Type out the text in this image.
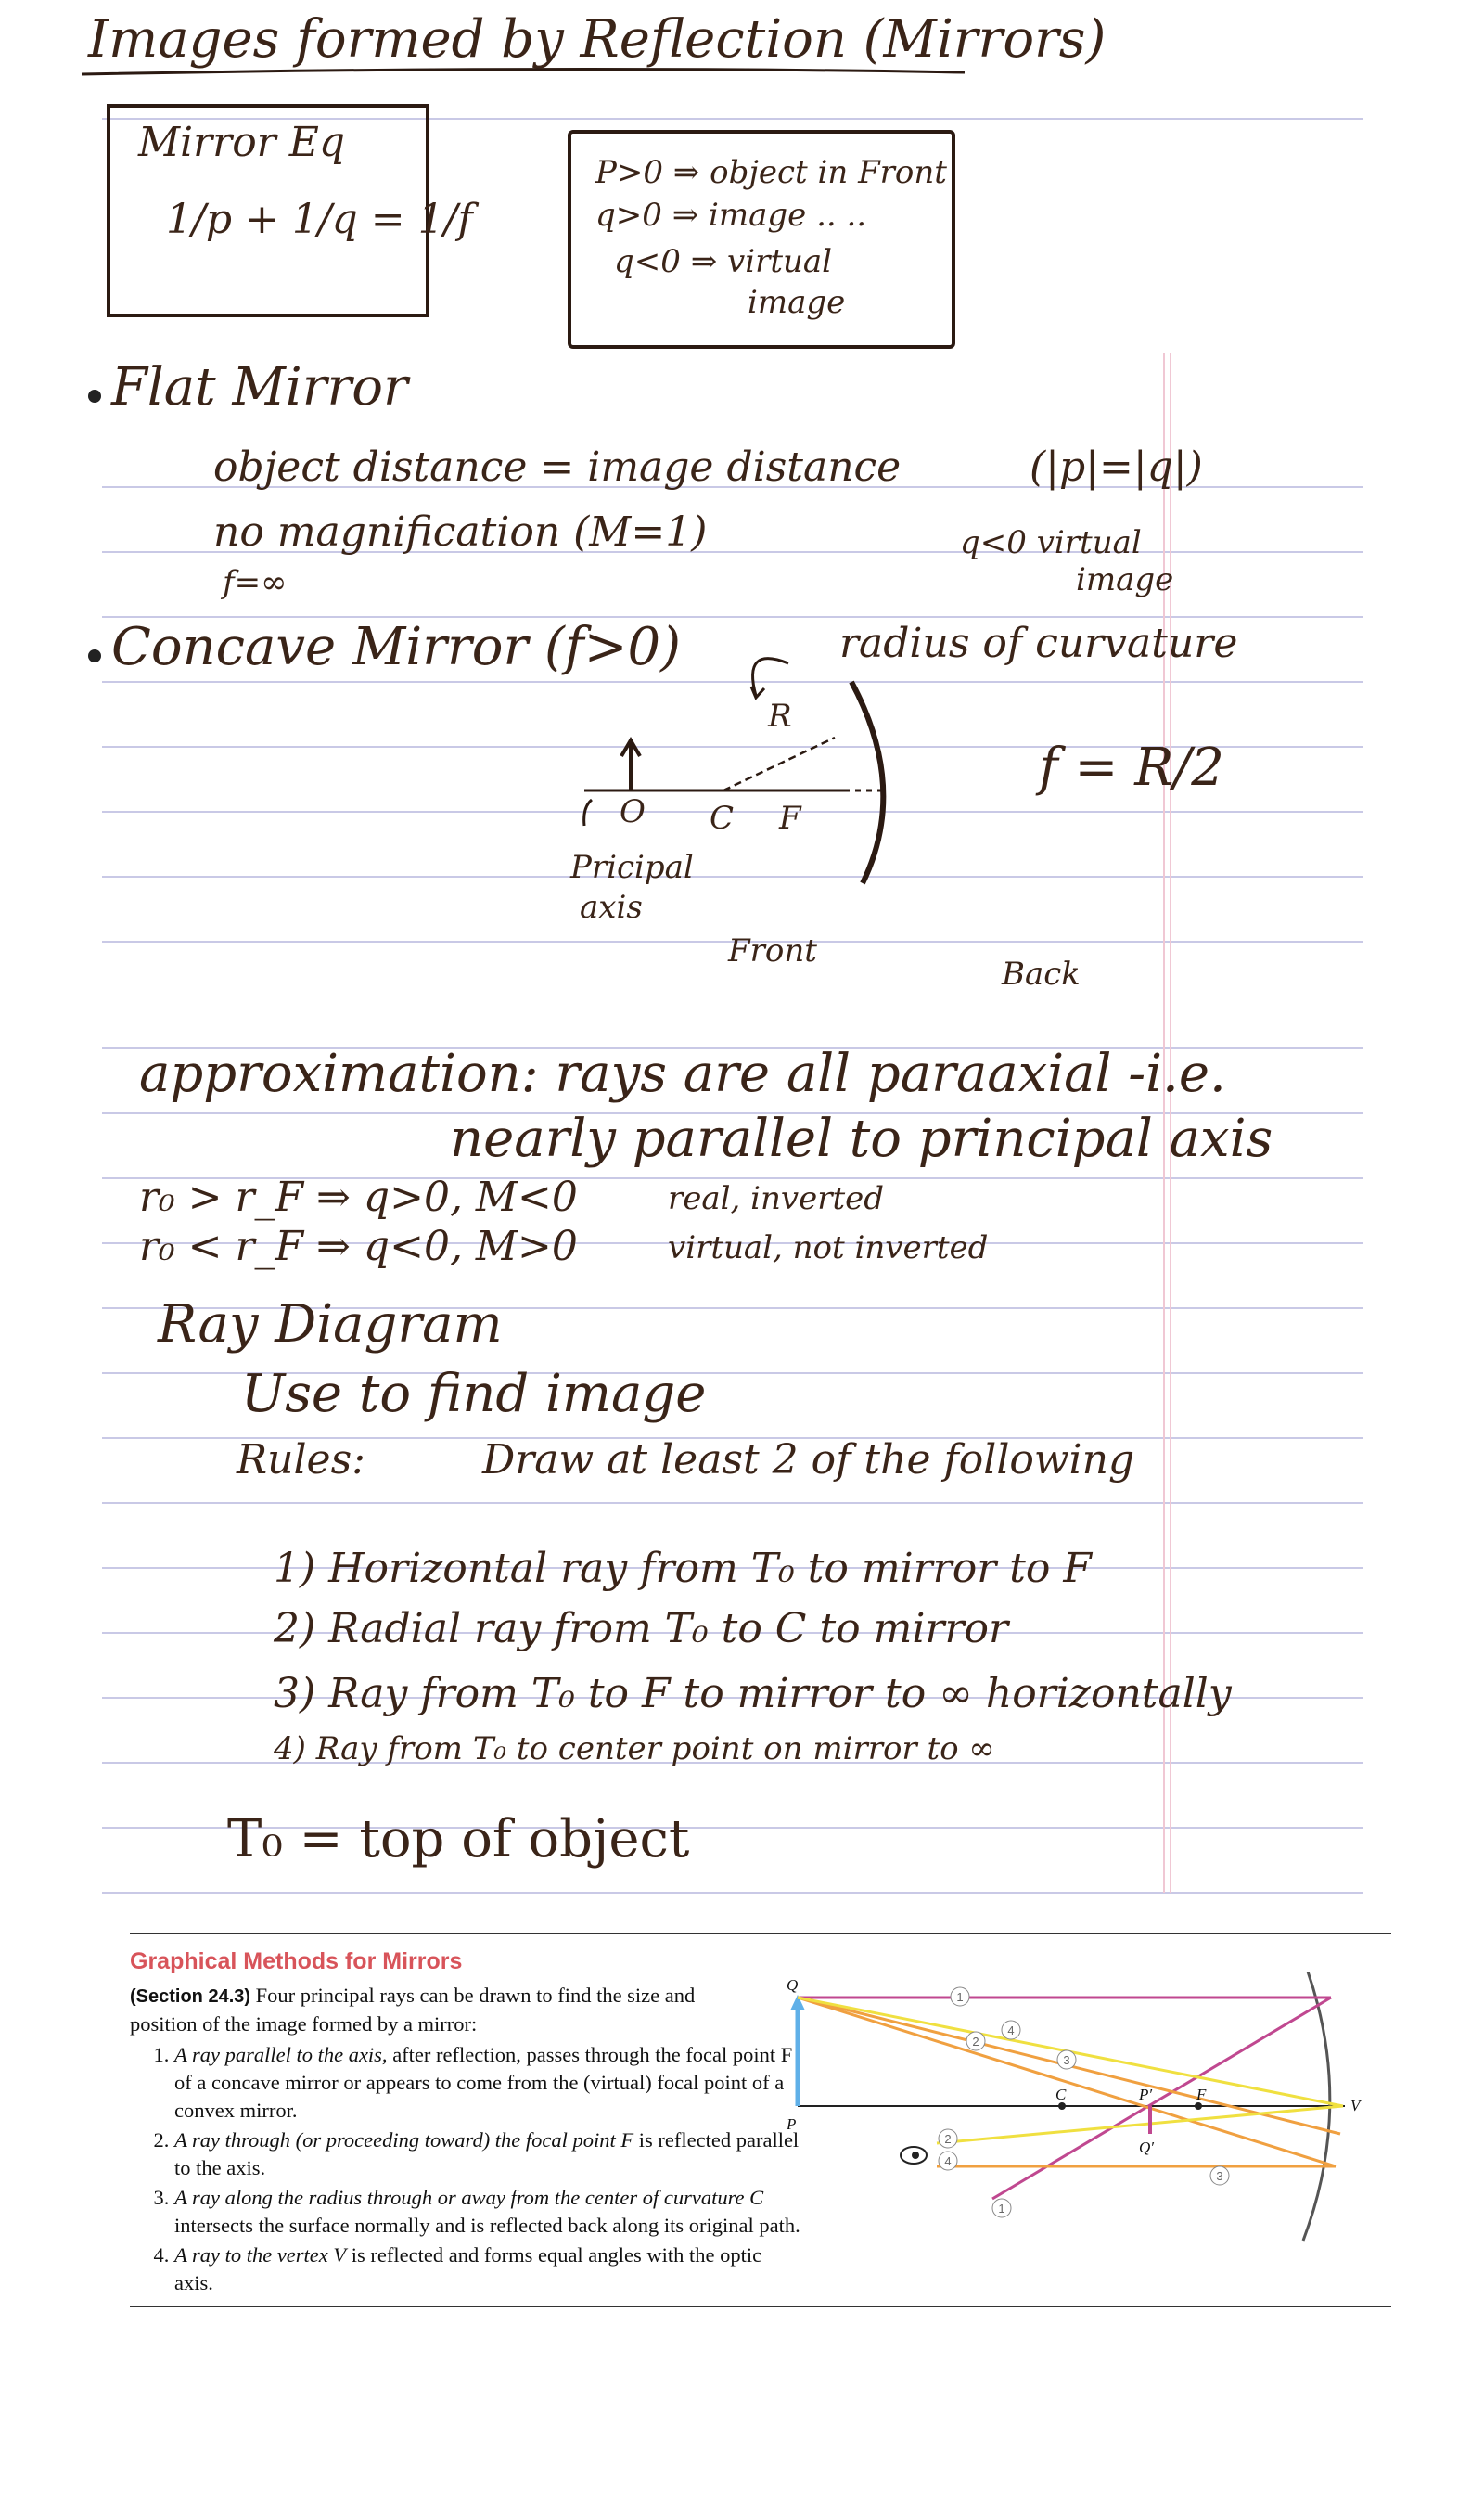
Images formed by Reflection (Mirrors)
Mirror Eq
1/p + 1/q = 1/f
P>0 ⇒ object in Front
q>0 ⇒ image .. ..
q<0 ⇒ virtual
image
Flat Mirror
object distance = image distance	(|p|=|q|)
no magnification (M=1)	q<0 virtual
image
f=∞
Concave Mirror (f>0)	radius of curvature
f = R/2
R
O C F
Pricipal
axis
Front
Back
approximation: rays are all paraaxial -i.e.
nearly parallel to principal axis
r₀ > r_F ⇒ q>0, M<0	real, inverted
r₀ < r_F ⇒ q<0, M>0	virtual, not inverted
Ray Diagram
Use to find image
Rules:	Draw at least 2 of the following
1) Horizontal ray from T₀ to mirror to F
2) Radial ray from T₀ to C to mirror
3) Ray from T₀ to F to mirror to ∞ horizontally
4) Ray from T₀ to center point on mirror to ∞
T₀ = top of object
Graphical Methods for Mirrors
(Section 24.3) Four principal rays can be drawn to find the size and position of the image formed by a mirror:
1. A ray parallel to the axis, after reflection, passes through the focal point F of a concave mirror or appears to come from the (virtual) focal point of a convex mirror.
2. A ray through (or proceeding toward) the focal point F is reflected parallel to the axis.
3. A ray along the radius through or away from the center of curvature C intersects the surface normally and is reflected back along its original path.
4. A ray to the vertex V is reflected and forms equal angles with the optic axis.
Q
P
C	F
P′
Q′
V
1
3
2
4
3
2
4
1
